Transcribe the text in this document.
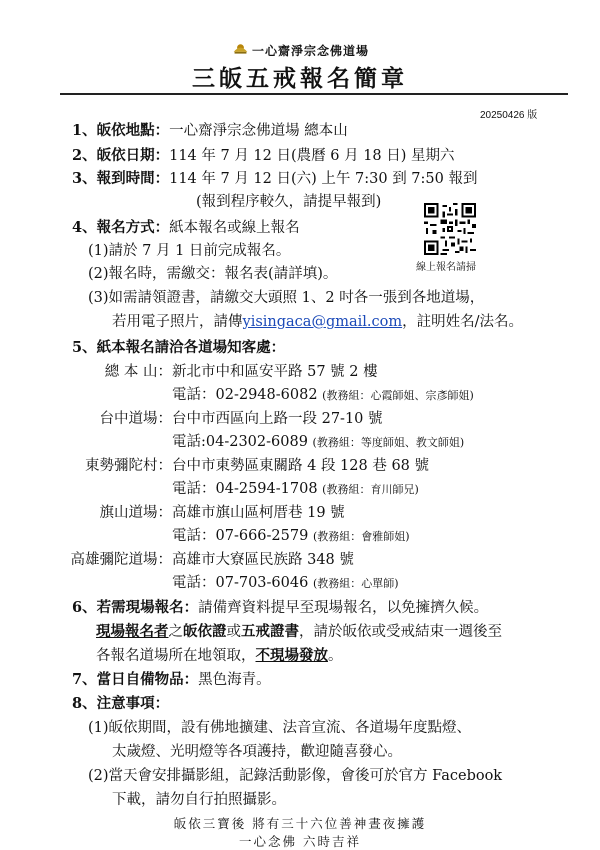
一心齋淨宗念佛道場
三皈五戒報名簡章
20250426 版
1、皈依地點：一心齋淨宗念佛道場 總本山
2、皈依日期：114 年 7 月 12 日(農曆 6 月 18 日) 星期六
3、報到時間：114 年 7 月 12 日(六) 上午 7:30 到 7:50 報到
(報到程序較久，請提早報到)
4、報名方式：紙本報名或線上報名
(1)請於 7 月 1 日前完成報名。
(2)報名時，需繳交：報名表(請詳填)。
(3)如需請領證書，請繳交大頭照 1、2 吋各一張到各地道場，
若用電子照片，請傳yisingaca@gmail.com，註明姓名/法名。
線上報名請掃
5、紙本報名請洽各道場知客處：
總 本 山： 新北市中和區安平路 57 號 2 樓
電話：02-2948-6082 (教務組：心霞師姐、宗彥師姐)
台中道場： 台中市西區向上路一段 27-10 號
電話:04-2302-6089 (教務組：等度師姐、教文師姐)
東勢彌陀村： 台中市東勢區東關路 4 段 128 巷 68 號
電話：04-2594-1708 (教務組：育川師兄)
旗山道場： 高雄市旗山區柯厝巷 19 號
電話：07-666-2579 (教務組：會雅師姐)
高雄彌陀道場： 高雄市大寮區民族路 348 號
電話：07-703-6046 (教務組：心單師)
6、若需現場報名：請備齊資料提早至現場報名，以免擁擠久候。
現場報名者之皈依證或五戒證書，請於皈依或受戒結束一週後至
各報名道場所在地領取，不現場發放。
7、當日自備物品：黑色海青。
8、注意事項：
(1)皈依期間，設有佛地擴建、法音宣流、各道場年度點燈、
太歲燈、光明燈等各項護持，歡迎隨喜發心。
(2)當天會安排攝影組，記錄活動影像，會後可於官方 Facebook
下載，請勿自行拍照攝影。
皈依三寶後 將有三十六位善神晝夜擁護
一心念佛 六時吉祥
